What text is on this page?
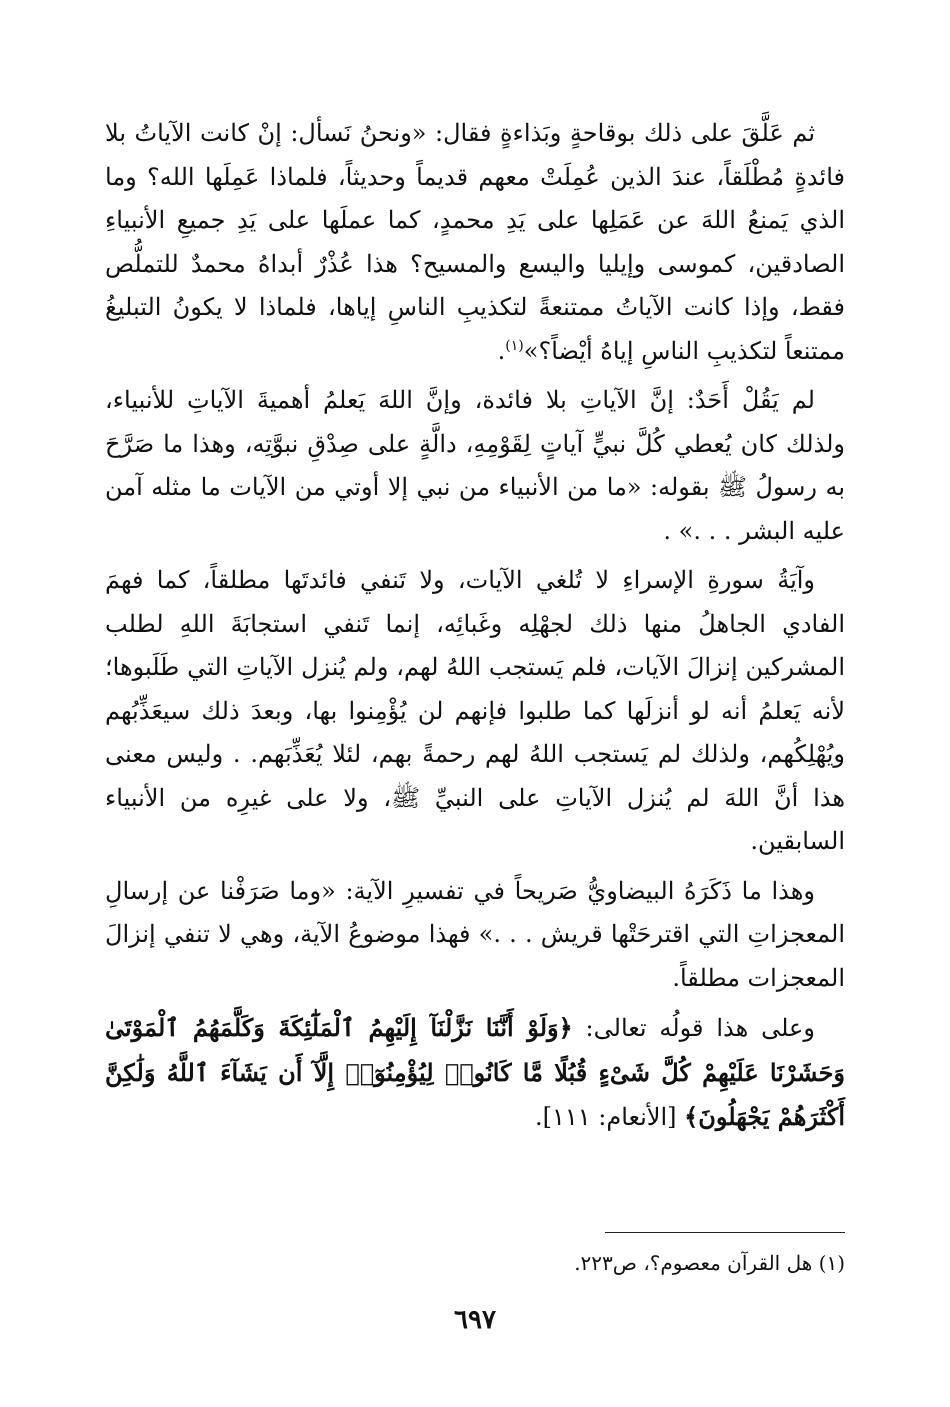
ثم عَلَّقَ على ذلك بوقاحةٍ وبَذاءةٍ فقال: «ونحنُ نَسأل: إنْ كانت الآياتُ بلا فائدةٍ مُطْلَقاً، عندَ الذين عُمِلَتْ معهم قديماً وحديثاً، فلماذا عَمِلَها الله؟ وما الذي يَمنعُ اللهَ عن عَمَلِها على يَدِ محمدٍ، كما عملَها على يَدِ جميعِ الأنبياءِ الصادقين، كموسى وإيليا واليسع والمسيح؟ هذا عُذْرٌ أبداهُ محمدٌ للتملُّص فقط، وإذا كانت الآياتُ ممتنعةً لتكذيبِ الناسِ إياها، فلماذا لا يكونُ التبليغُ ممتنعاً لتكذيبِ الناسِ إياهُ أيْضاً؟»$^{(١)}$.

لم يَقُلْ أَحَدٌ: إنَّ الآياتِ بلا فائدة، وإنَّ اللهَ يَعلمُ أهميةَ الآياتِ للأنبياء، ولذلك كان يُعطي كُلَّ نبيٍّ آياتٍ لِقَوْمِهِ، دالَّةٍ على صِدْقِ نبوَّتِه، وهذا ما صَرَّحَ به رسولُ ﷺ بقوله: «ما من الأنبياء من نبي إلا أوتي من الآيات ما مثله آمن عليه البشر . . .» .

وآيَةُ سورةِ الإسراءِ لا تُلغي الآيات، ولا تَنفي فائدتَها مطلقاً، كما فهمَ الفادي الجاهلُ منها ذلك لجهْلِه وغَبائِه، إنما تَنفي استجابَةَ اللهِ لطلب المشركين إنزالَ الآيات، فلم يَستجب اللهُ لهم، ولم يُنزل الآياتِ التي طَلَبوها؛ لأنه يَعلمُ أنه لو أنزلَها كما طلبوا فإنهم لن يُؤْمِنوا بها، وبعدَ ذلك سيعَذِّبُهم ويُهْلِكُهم، ولذلك لم يَستجب اللهُ لهم رحمةً بهم، لئلا يُعَذِّبَهم. . وليس معنى هذا أنَّ اللهَ لم يُنزل الآياتِ على النبيِّ ﷺ، ولا على غيرِه من الأنبياء السابقين.

وهذا ما ذَكَرَهُ البيضاويُّ صَريحاً في تفسيرِ الآية: «وما صَرَفْنا عن إرسالِ المعجزاتِ التي اقترحَتْها قريش . . .» فهذا موضوعُ الآية، وهي لا تنفي إنزالَ المعجزات مطلقاً.

وعلى هذا قولُه تعالى: ﴿وَلَوْ أَنَّنَا نَزَّلْنَآ إِلَيْهِمُ ٱلْمَلَٰٓئِكَةَ وَكَلَّمَهُمُ ٱلْمَوْتَىٰ وَحَشَرْنَا عَلَيْهِمْ كُلَّ شَىْءٍ قُبُلًا مَّا كَانُوا۟ لِيُؤْمِنُوٓا۟ إِلَّآ أَن يَشَآءَ ٱللَّهُ وَلَٰكِنَّ أَكْثَرَهُمْ يَجْهَلُونَ﴾ [الأنعام: ١١١].

(١) هل القرآن معصوم؟، ص٢٢٣.

٦٩٧
